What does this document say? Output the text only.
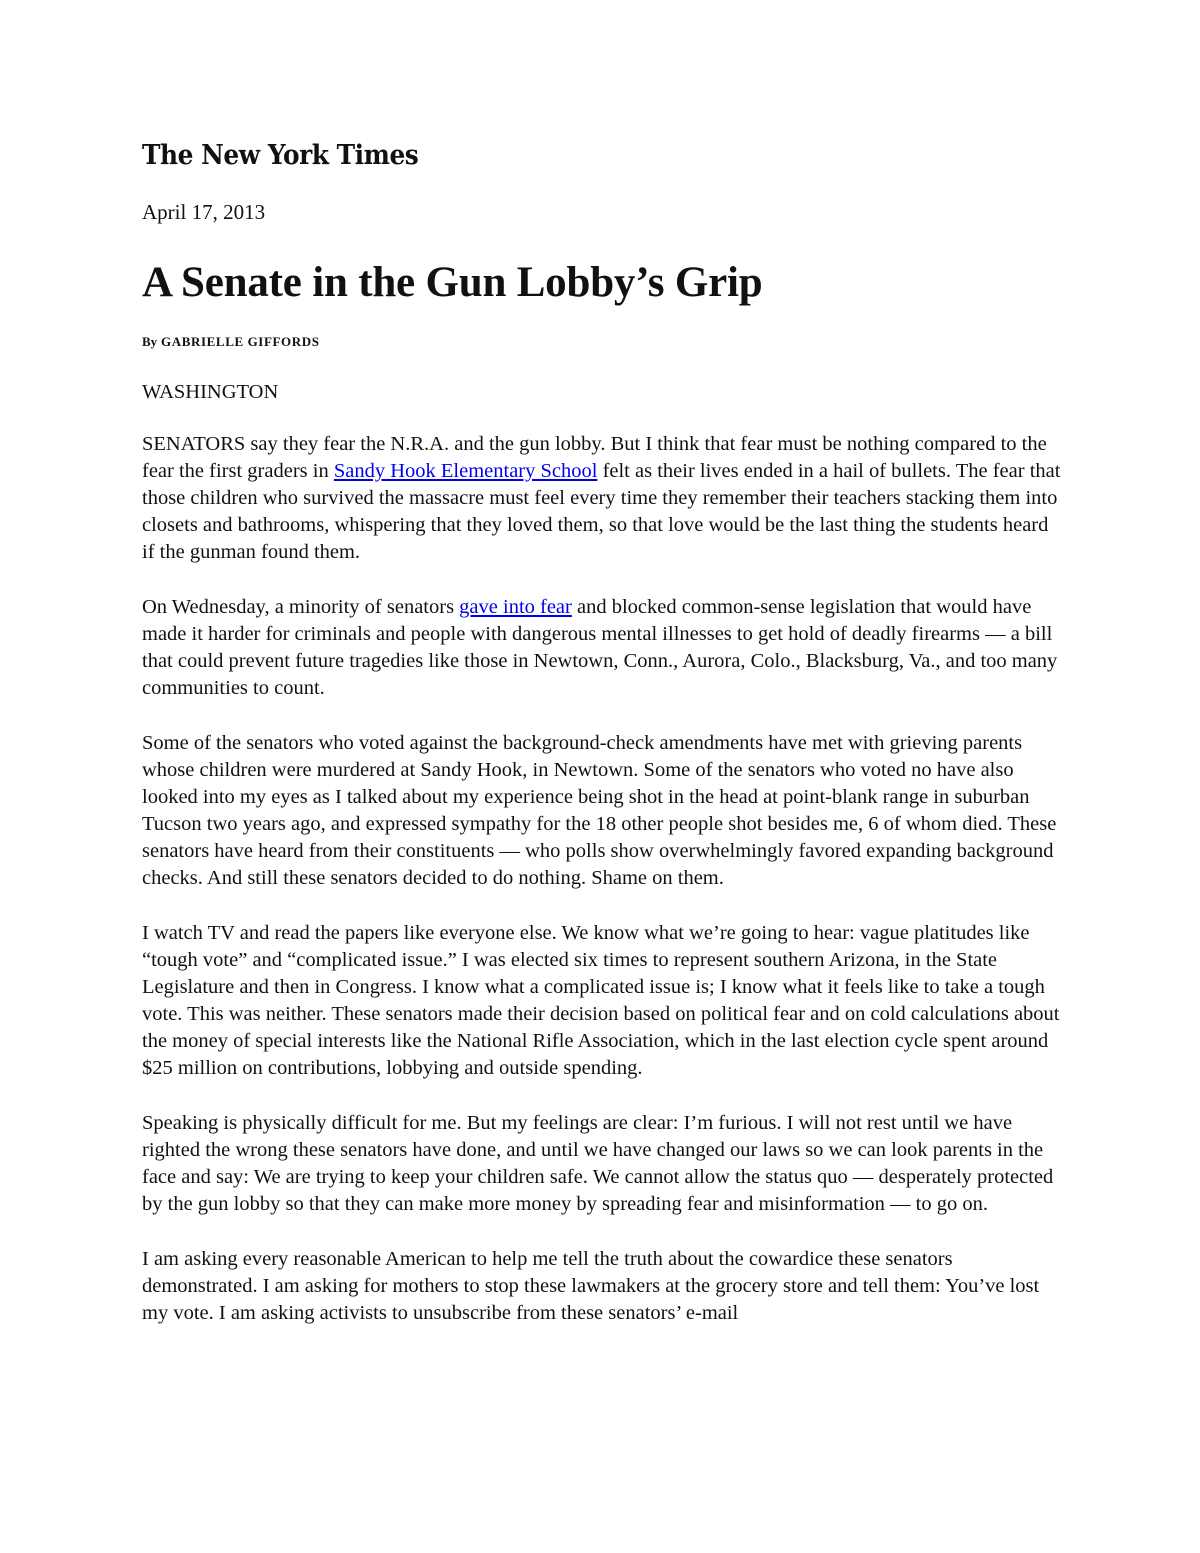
The New York Times
April 17, 2013
A Senate in the Gun Lobby’s Grip
By GABRIELLE GIFFORDS
WASHINGTON

SENATORS say they fear the N.R.A. and the gun lobby. But I think that fear must be nothing compared to the fear the first graders in Sandy Hook Elementary School felt as their lives ended in a hail of bullets. The fear that those children who survived the massacre must feel every time they remember their teachers stacking them into closets and bathrooms, whispering that they loved them, so that love would be the last thing the students heard if the gunman found them.

On Wednesday, a minority of senators gave into fear and blocked common-sense legislation that would have made it harder for criminals and people with dangerous mental illnesses to get hold of deadly firearms — a bill that could prevent future tragedies like those in Newtown, Conn., Aurora, Colo., Blacksburg, Va., and too many communities to count.

Some of the senators who voted against the background-check amendments have met with grieving parents whose children were murdered at Sandy Hook, in Newtown. Some of the senators who voted no have also looked into my eyes as I talked about my experience being shot in the head at point-blank range in suburban Tucson two years ago, and expressed sympathy for the 18 other people shot besides me, 6 of whom died. These senators have heard from their constituents — who polls show overwhelmingly favored expanding background checks. And still these senators decided to do nothing. Shame on them.

I watch TV and read the papers like everyone else. We know what we’re going to hear: vague platitudes like “tough vote” and “complicated issue.” I was elected six times to represent southern Arizona, in the State Legislature and then in Congress. I know what a complicated issue is; I know what it feels like to take a tough vote. This was neither. These senators made their decision based on political fear and on cold calculations about the money of special interests like the National Rifle Association, which in the last election cycle spent around $25 million on contributions, lobbying and outside spending.

Speaking is physically difficult for me. But my feelings are clear: I’m furious. I will not rest until we have righted the wrong these senators have done, and until we have changed our laws so we can look parents in the face and say: We are trying to keep your children safe. We cannot allow the status quo — desperately protected by the gun lobby so that they can make more money by spreading fear and misinformation — to go on.

I am asking every reasonable American to help me tell the truth about the cowardice these senators demonstrated. I am asking for mothers to stop these lawmakers at the grocery store and tell them: You’ve lost my vote. I am asking activists to unsubscribe from these senators’ e-mail
